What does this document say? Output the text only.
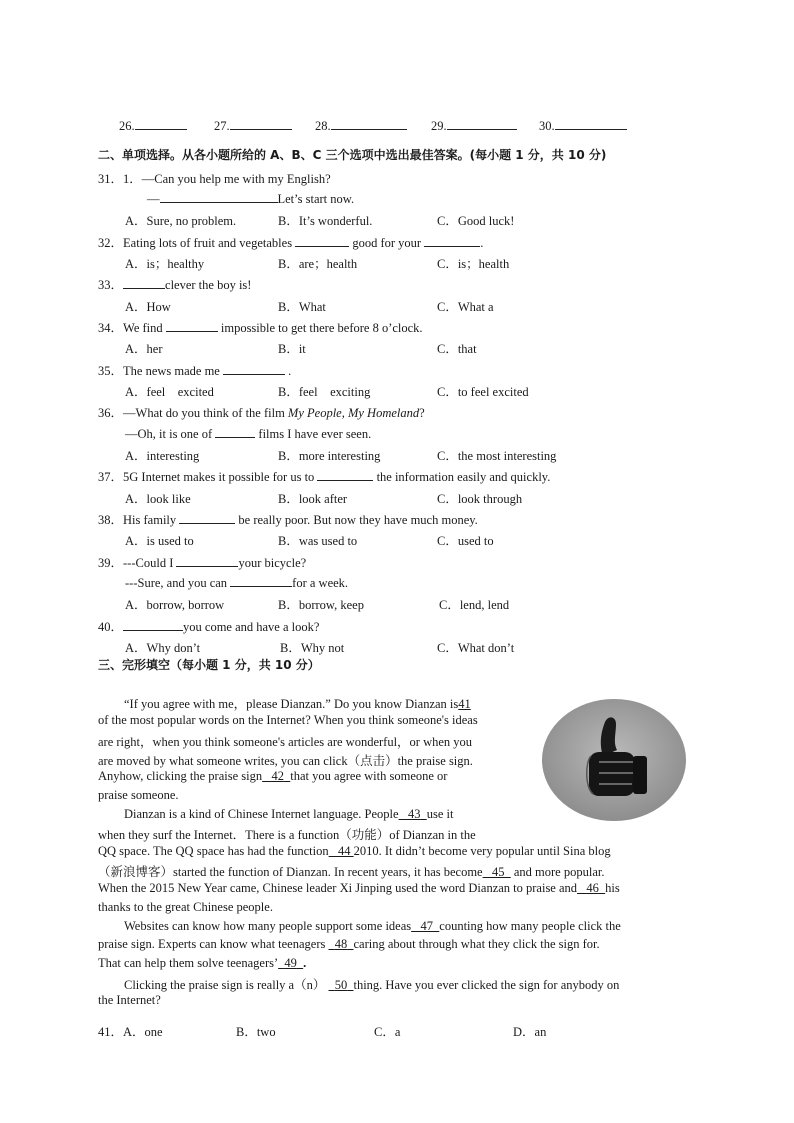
26.	27.	28.	29.	30.
二、单项选择。从各小题所给的 A、B、C 三个选项中选出最佳答案。(每小题 1 分，共 10 分)
31．1．—Can you help me with my English?
—	Let’s start now.
A．Sure, no problem.	B．It’s wonderful.	C．Good luck!
32．Eating lots of fruit and vegetables	good for your	.
A．is；healthy	B．are；health	C．is；health
33．	clever the boy is!
A．How	B．What	C．What a
34．We find	impossible to get there before 8 o’clock.
A．her	B．it	C．that
35．The news made me	.
A．feel　excited	B．feel　exciting	C．to feel excited
36．—What do you think of the film My People, My Homeland?
—Oh, it is one of	films I have ever seen.
A．interesting	B．more interesting	C．the most interesting
37．5G Internet makes it possible for us to	the information easily and quickly.
A．look like	B．look after	C．look through
38．His family	be really poor. But now they have much money.
A．is used to	B．was used to	C．used to
39．---Could I	your bicycle?
---Sure, and you can	for a week.
A．borrow, borrow	B．borrow, keep	C．lend, lend
40．	you come and have a look?
A．Why don’t	B．Why not	C．What don’t
三、完形填空（每小题 1 分，共 10 分）
“If you agree with me，please Dianzan.” Do you know Dianzan is41
of the most popular words on the Internet? When you think someone's ideas
are right，when you think someone's articles are wonderful，or when you
are moved by what someone writes, you can click（点击）the praise sign.
Anyhow, clicking the praise sign 42 that you agree with someone or
praise someone.
Dianzan is a kind of Chinese Internet language. People 43 use it
when they surf the Internet．There is a function（功能）of Dianzan in the
QQ space. The QQ space has had the function 44 2010. It didn’t become very popular until Sina blog
（新浪博客）started the function of Dianzan. In recent years, it has become 45 and more popular.
When the 2015 New Year came, Chinese leader Xi Jinping used the word Dianzan to praise and 46 his
thanks to the great Chinese people.
Websites can know how many people support some ideas 47 counting how many people click the
praise sign. Experts can know what teenagers 48 caring about through what they click the sign for.
That can help them solve teenagers’ 49 .
Clicking the praise sign is really a（n） 50 thing. Have you ever clicked the sign for anybody on
the Internet?
41．A．one	B．two	C．a	D．an
